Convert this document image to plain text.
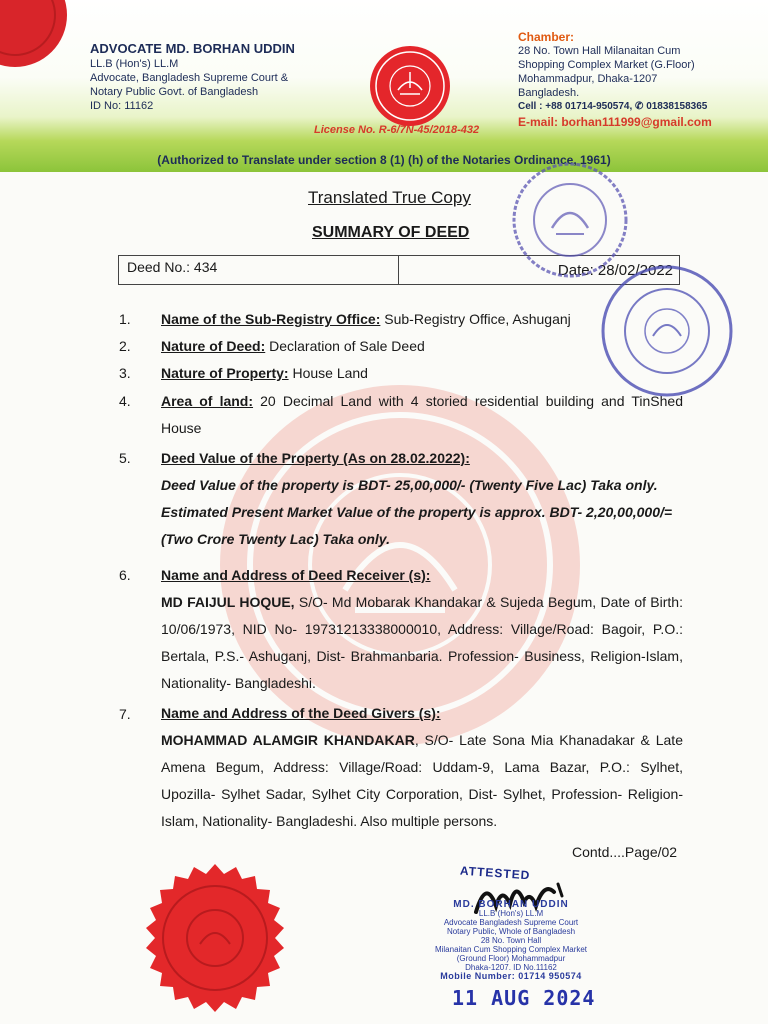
ADVOCATE MD. BORHAN UDDIN
LL.B (Hon's) LL.M
Advocate, Bangladesh Supreme Court &
Notary Public Govt. of Bangladesh
ID No: 11162
License No. R-6/7N-45/2018-432
Chamber:
28 No. Town Hall Milanaitan Cum
Shopping Complex Market (G.Floor)
Mohammadpur, Dhaka-1207
Bangladesh.
Cell : +88 01714-950574, ✆ 01838158365
E-mail: borhan111999@gmail.com
(Authorized to Translate under section 8 (1) (h) of the Notaries Ordinance, 1961)
Translated True Copy
SUMMARY OF DEED
Deed No.: 434	Date: 28/02/2022
1. Name of the Sub-Registry Office: Sub-Registry Office, Ashuganj
2. Nature of Deed: Declaration of Sale Deed
3. Nature of Property: House Land
4. Area of land: 20 Decimal Land with 4 storied residential building and TinShed House
5. Deed Value of the Property (As on 28.02.2022):
Deed Value of the property is BDT- 25,00,000/- (Twenty Five Lac) Taka only.
Estimated Present Market Value of the property is approx. BDT- 2,20,00,000/= (Two Crore Twenty Lac) Taka only.
6. Name and Address of Deed Receiver (s):
MD FAIJUL HOQUE, S/O- Md Mobarak Khandakar & Sujeda Begum, Date of Birth: 10/06/1973, NID No- 19731213338000010, Address: Village/Road: Bagoir, P.O.: Bertala, P.S.- Ashuganj, Dist- Brahmanbaria. Profession- Business, Religion-Islam, Nationality- Bangladeshi.
7. Name and Address of the Deed Givers (s):
MOHAMMAD ALAMGIR KHANDAKAR, S/O- Late Sona Mia Khanadakar & Late Amena Begum, Address: Village/Road: Uddam-9, Lama Bazar, P.O.: Sylhet, Upozilla- Sylhet Sadar, Sylhet City Corporation, Dist- Sylhet, Profession- Religion- Islam, Nationality- Bangladeshi. Also multiple persons.
Contd....Page/02
ATTESTED
MD. BORHAN UDDIN
LL.B (Hon's) LL.M
Advocate Bangladesh Supreme Court
Notary Public, Whole of Bangladesh
28 No. Town Hall
Milanaitan Cum Shopping Complex Market
(Ground Floor) Mohammadpur
Dhaka-1207. ID No.11162
Mobile Number: 01714 950574
11 AUG 2024
